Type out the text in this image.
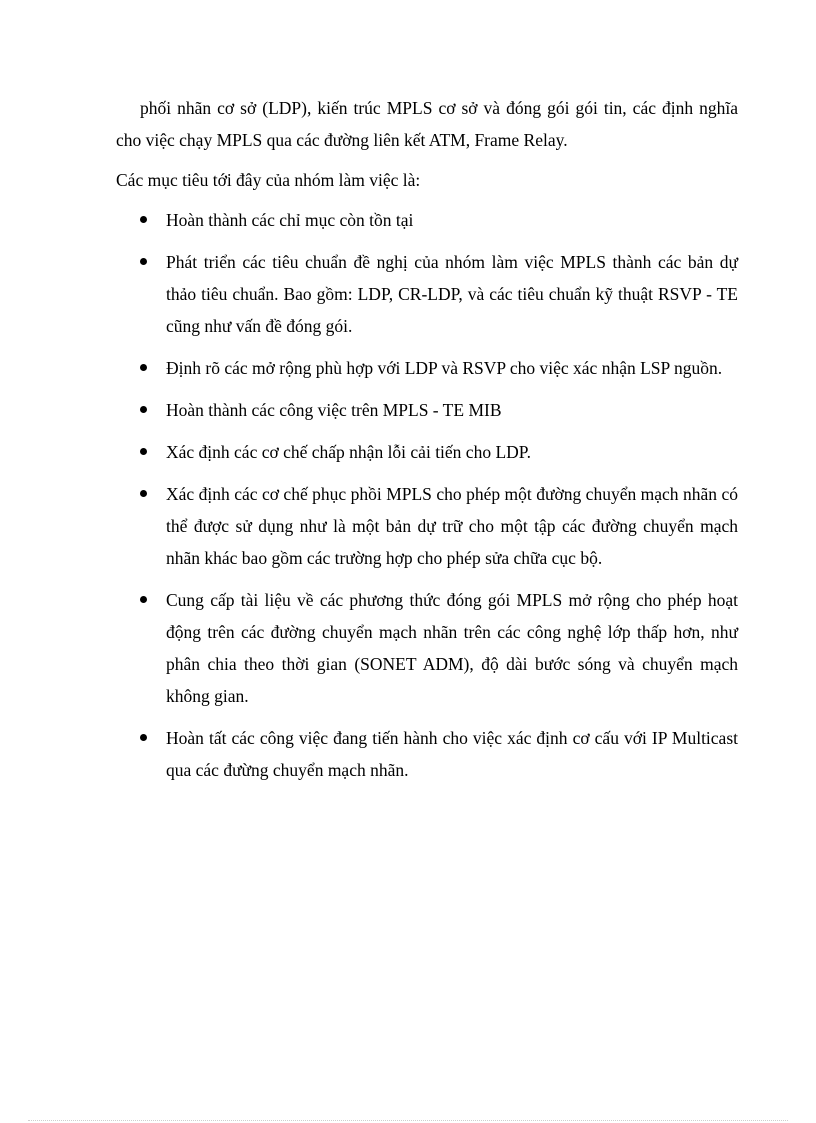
phối nhãn cơ sở (LDP), kiến trúc MPLS cơ sở và đóng gói gói tin, các định nghĩa cho việc chạy MPLS qua các đường liên kết ATM, Frame Relay.

Các mục tiêu tới đây của nhóm làm việc là:

Hoàn thành các chỉ mục còn tồn tại
Phát triển các tiêu chuẩn đề nghị của nhóm làm việc MPLS thành các bản dự thảo tiêu chuẩn. Bao gồm: LDP, CR-LDP, và các tiêu chuẩn kỹ thuật RSVP - TE cũng như vấn đề đóng gói.
Định rõ các mở rộng phù hợp với LDP và RSVP cho việc xác nhận LSP nguồn.
Hoàn thành các công việc trên MPLS - TE MIB
Xác định các cơ chế chấp nhận lỗi cải tiến cho LDP.
Xác định các cơ chế phục phồi MPLS cho phép một đường chuyển mạch nhãn có thể được sử dụng như là một bản dự trữ cho một tập các đường chuyển mạch nhãn khác bao gồm các trường hợp cho phép sửa chữa cục bộ.
Cung cấp tài liệu về các phương thức đóng gói MPLS mở rộng cho phép hoạt động trên các đường chuyển mạch nhãn trên các công nghệ lớp thấp hơn, như phân chia theo thời gian (SONET ADM), độ dài bước sóng và chuyển mạch không gian.
Hoàn tất các công việc đang tiến hành cho việc xác định cơ cấu với IP Multicast qua các đưừng chuyển mạch nhãn.
